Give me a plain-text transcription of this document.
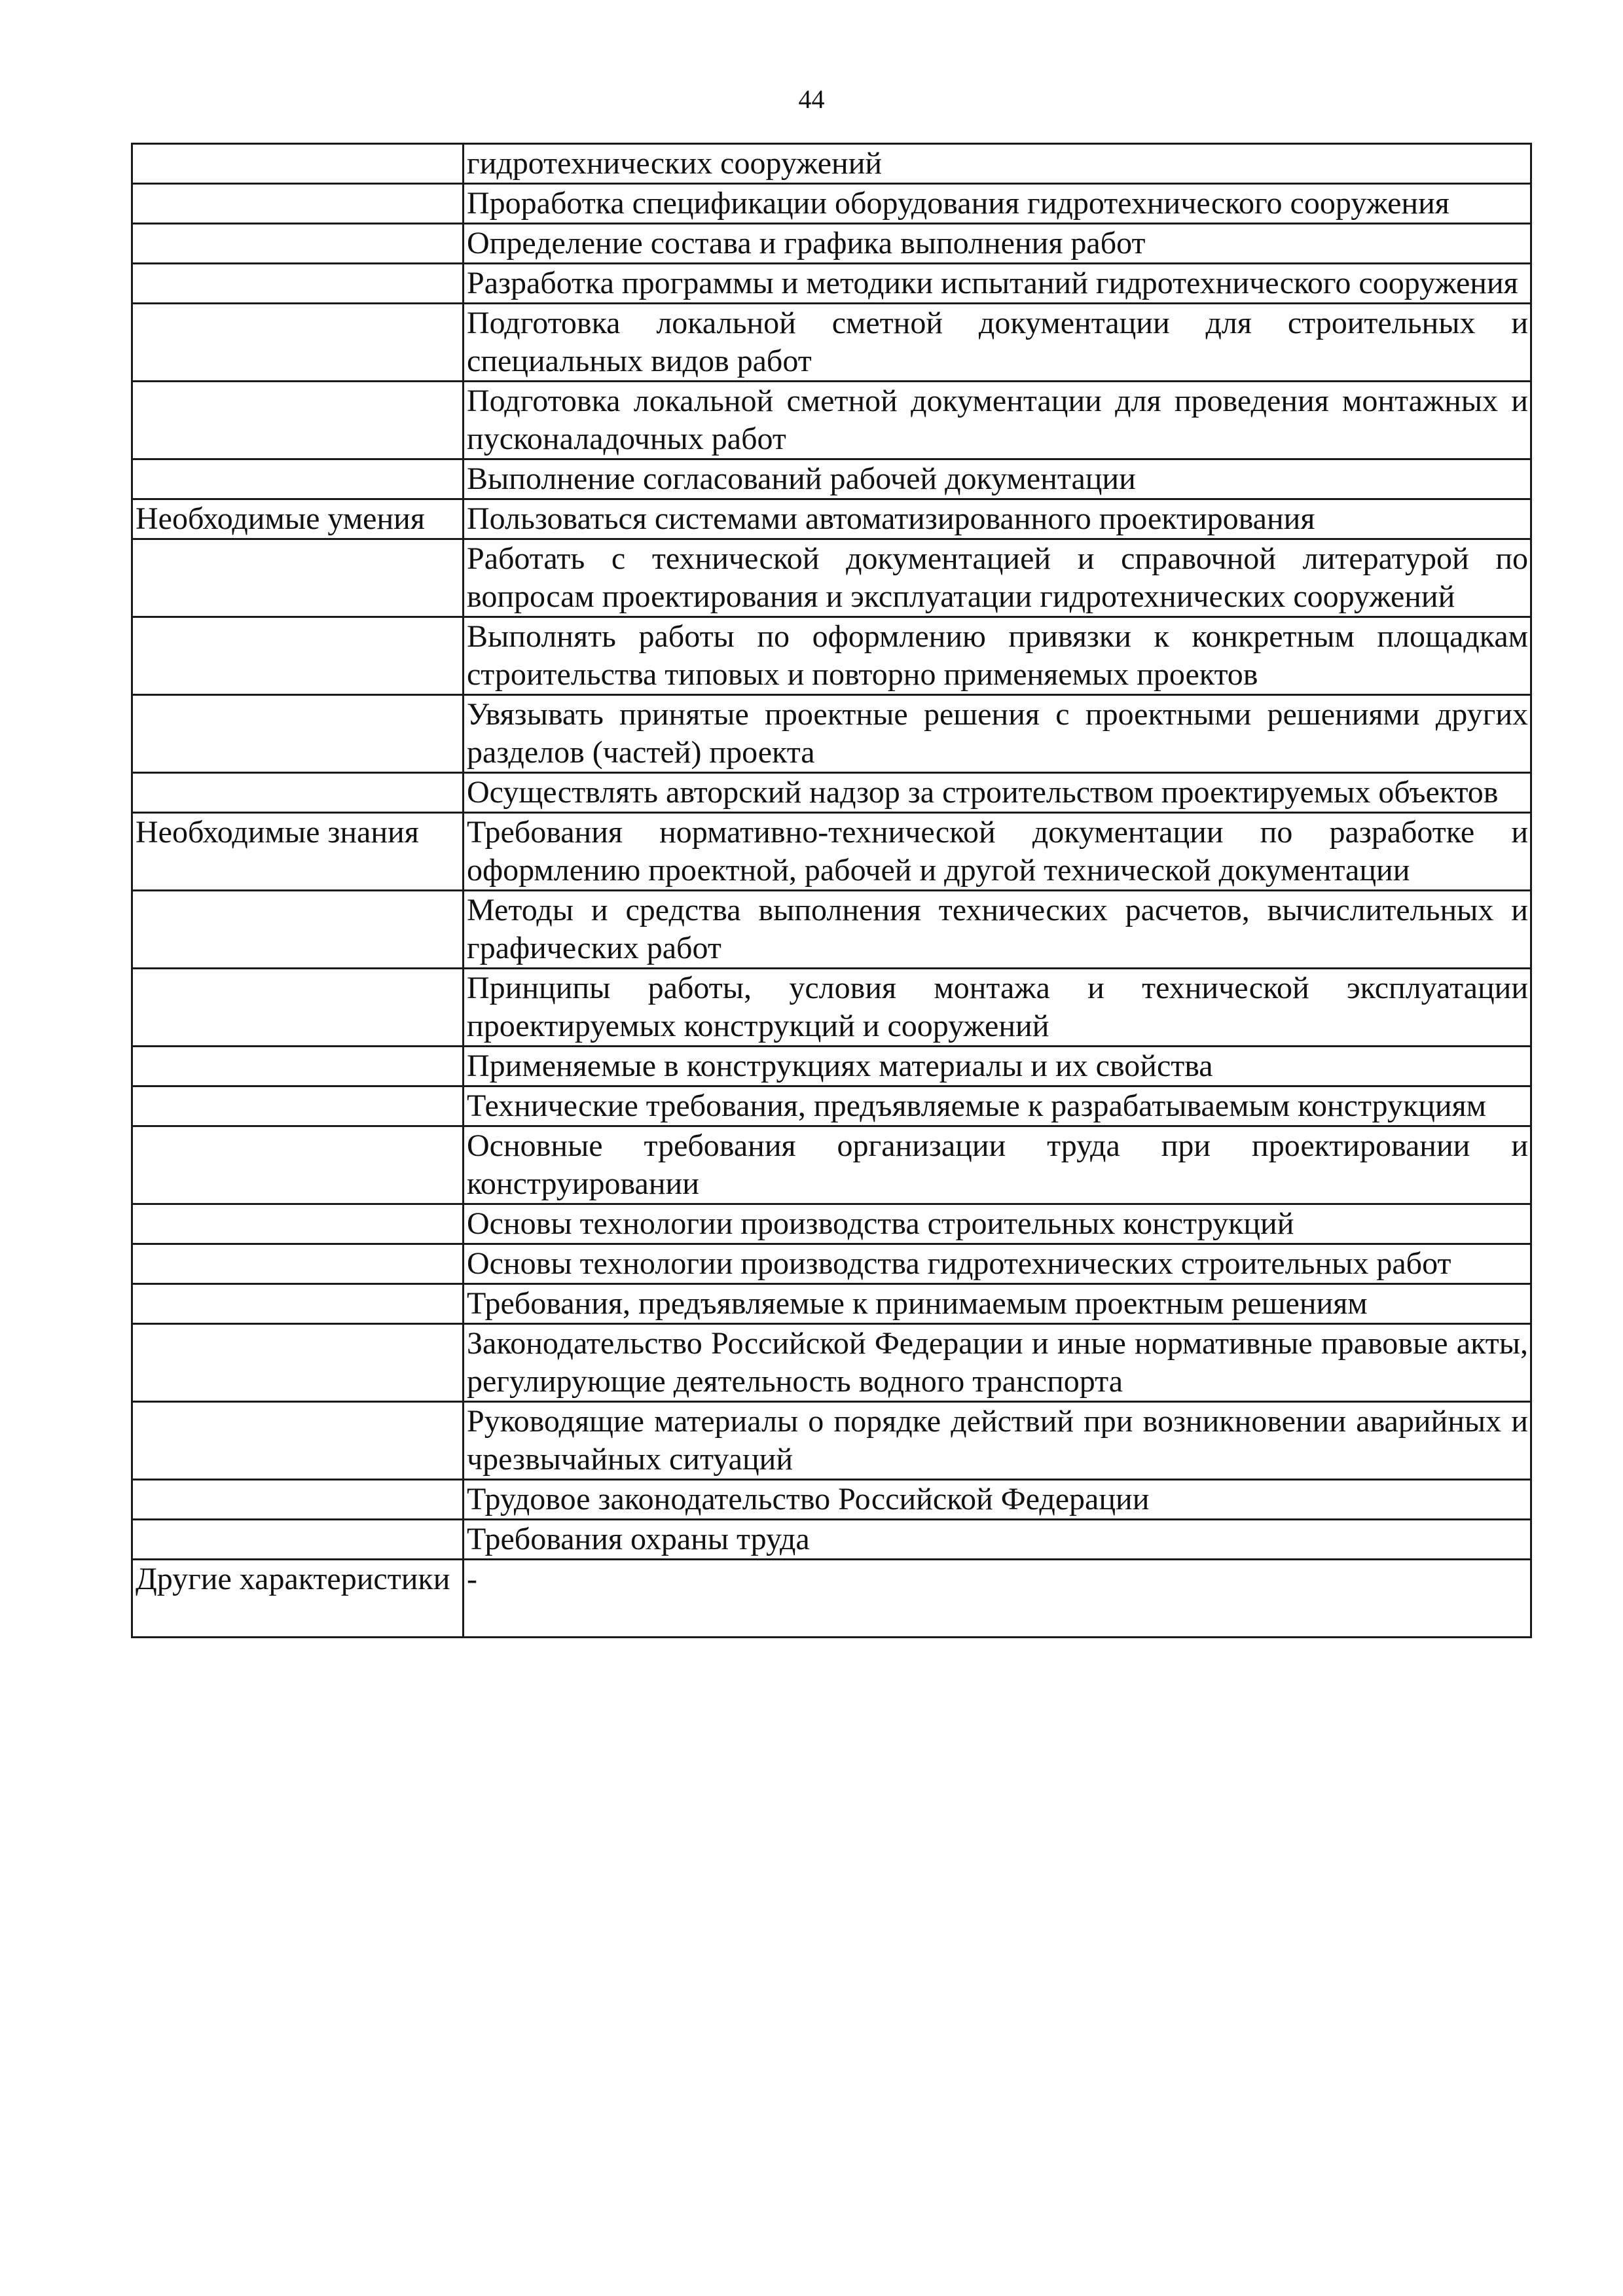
44
	гидротехнических сооружений
	Проработка спецификации оборудования гидротехнического сооружения
	Определение состава и графика выполнения работ
	Разработка программы и методики испытаний гидротехнического сооружения
	Подготовка локальной сметной документации для строительных и специальных видов работ
	Подготовка локальной сметной документации для проведения монтажных и пусконаладочных работ
	Выполнение согласований рабочей документации
Необходимые умения	Пользоваться системами автоматизированного проектирования
	Работать с технической документацией и справочной литературой по вопросам проектирования и эксплуатации гидротехнических сооружений
	Выполнять работы по оформлению привязки к конкретным площадкам строительства типовых и повторно применяемых проектов
	Увязывать принятые проектные решения с проектными решениями других разделов (частей) проекта
	Осуществлять авторский надзор за строительством проектируемых объектов
Необходимые знания	Требования нормативно-технической документации по разработке и оформлению проектной, рабочей и другой технической документации
	Методы и средства выполнения технических расчетов, вычислительных и графических работ
	Принципы работы, условия монтажа и технической эксплуатации проектируемых конструкций и сооружений
	Применяемые в конструкциях материалы и их свойства
	Технические требования, предъявляемые к разрабатываемым конструкциям
	Основные требования организации труда при проектировании и конструировании
	Основы технологии производства строительных конструкций
	Основы технологии производства гидротехнических строительных работ
	Требования, предъявляемые к принимаемым проектным решениям
	Законодательство Российской Федерации и иные нормативные правовые акты, регулирующие деятельность водного транспорта
	Руководящие материалы о порядке действий при возникновении аварийных и чрезвычайных ситуаций
	Трудовое законодательство Российской Федерации
	Требования охраны труда
Другие характеристики	-
